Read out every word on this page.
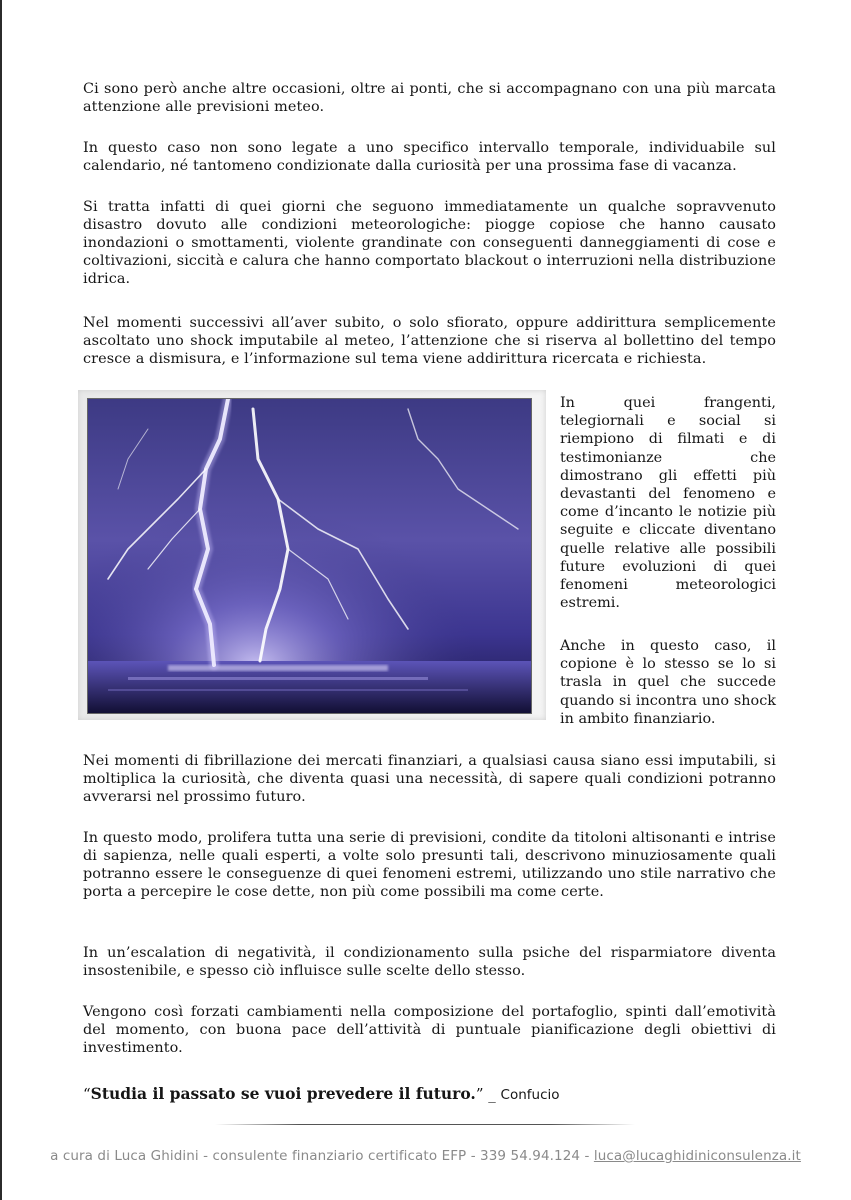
Ci sono però anche altre occasioni, oltre ai ponti, che si accompagnano con una più marcata attenzione alle previsioni meteo.

In questo caso non sono legate a uno specifico intervallo temporale, individuabile sul calendario, né tantomeno condizionate dalla curiosità per una prossima fase di vacanza.

Si tratta infatti di quei giorni che seguono immediatamente un qualche sopravvenuto disastro dovuto alle condizioni meteorologiche: piogge copiose che hanno causato inondazioni o smottamenti, violente grandinate con conseguenti danneggiamenti di cose e coltivazioni, siccità e calura che hanno comportato blackout o interruzioni nella distribuzione idrica.

Nel momenti successivi all’aver subito, o solo sfiorato, oppure addirittura semplicemente ascoltato uno shock imputabile al meteo, l’attenzione che si riserva al bollettino del tempo cresce a dismisura, e l’informazione sul tema viene addirittura ricercata e richiesta.

In quei frangenti, telegiornali e social si riempiono di filmati e di testimonianze che dimostrano gli effetti più devastanti del fenomeno e come d’incanto le notizie più seguite e cliccate diventano quelle relative alle possibili future evoluzioni di quei fenomeni meteorologici estremi.

Anche in questo caso, il copione è lo stesso se lo si trasla in quel che succede quando si incontra uno shock in ambito finanziario.

Nei momenti di fibrillazione dei mercati finanziari, a qualsiasi causa siano essi imputabili, si moltiplica la curiosità, che diventa quasi una necessità, di sapere quali condizioni potranno avverarsi nel prossimo futuro.

In questo modo, prolifera tutta una serie di previsioni, condite da titoloni altisonanti e intrise di sapienza, nelle quali esperti, a volte solo presunti tali, descrivono minuziosamente quali potranno essere le conseguenze di quei fenomeni estremi, utilizzando uno stile narrativo che porta a percepire le cose dette, non più come possibili ma come certe.

In un’escalation di negatività, il condizionamento sulla psiche del risparmiatore diventa insostenibile, e spesso ciò influisce sulle scelte dello stesso.

Vengono così forzati cambiamenti nella composizione del portafoglio, spinti dall’emotività del momento, con buona pace dell’attività di puntuale pianificazione degli obiettivi di investimento.

“Studia il passato se vuoi prevedere il futuro.” _ Confucio
a cura di Luca Ghidini - consulente finanziario certificato EFP - 339 54.94.124 - luca@lucaghidiniconsulenza.it
